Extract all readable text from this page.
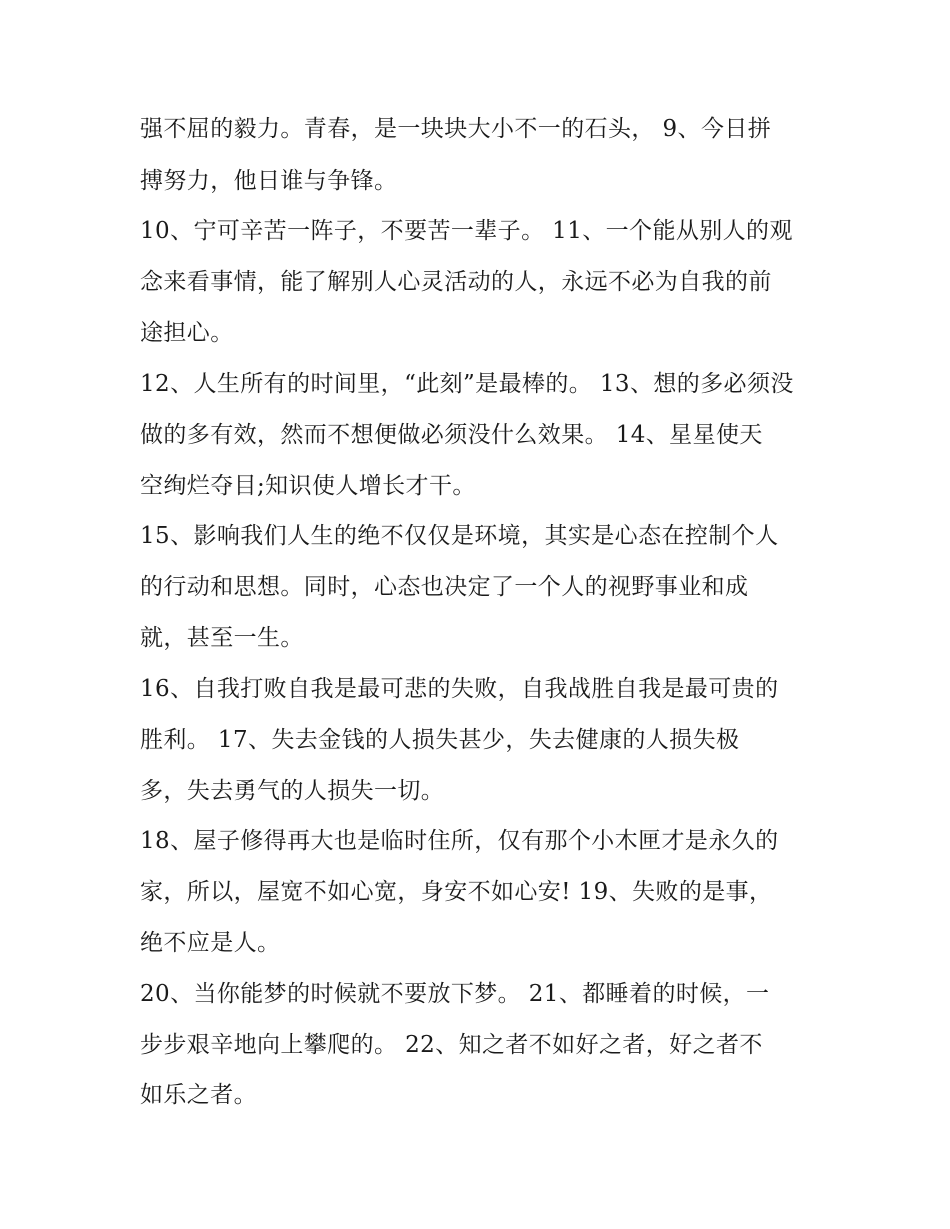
强不屈的毅力。青春，是一块块大小不一的石头， 9、今日拼
搏努力，他日谁与争锋。
10、宁可辛苦一阵子，不要苦一辈子。 11、一个能从别人的观
念来看事情，能了解别人心灵活动的人，永远不必为自我的前
途担心。
12、人生所有的时间里，“此刻”是最棒的。 13、想的多必须没
做的多有效，然而不想便做必须没什么效果。 14、星星使天
空绚烂夺目;知识使人增长才干。
15、影响我们人生的绝不仅仅是环境，其实是心态在控制个人
的行动和思想。同时，心态也决定了一个人的视野事业和成
就，甚至一生。
16、自我打败自我是最可悲的失败，自我战胜自我是最可贵的
胜利。 17、失去金钱的人损失甚少，失去健康的人损失极
多，失去勇气的人损失一切。
18、屋子修得再大也是临时住所，仅有那个小木匣才是永久的
家，所以，屋宽不如心宽，身安不如心安! 19、失败的是事，
绝不应是人。
20、当你能梦的时候就不要放下梦。 21、都睡着的时候，一
步步艰辛地向上攀爬的。 22、知之者不如好之者，好之者不
如乐之者。
